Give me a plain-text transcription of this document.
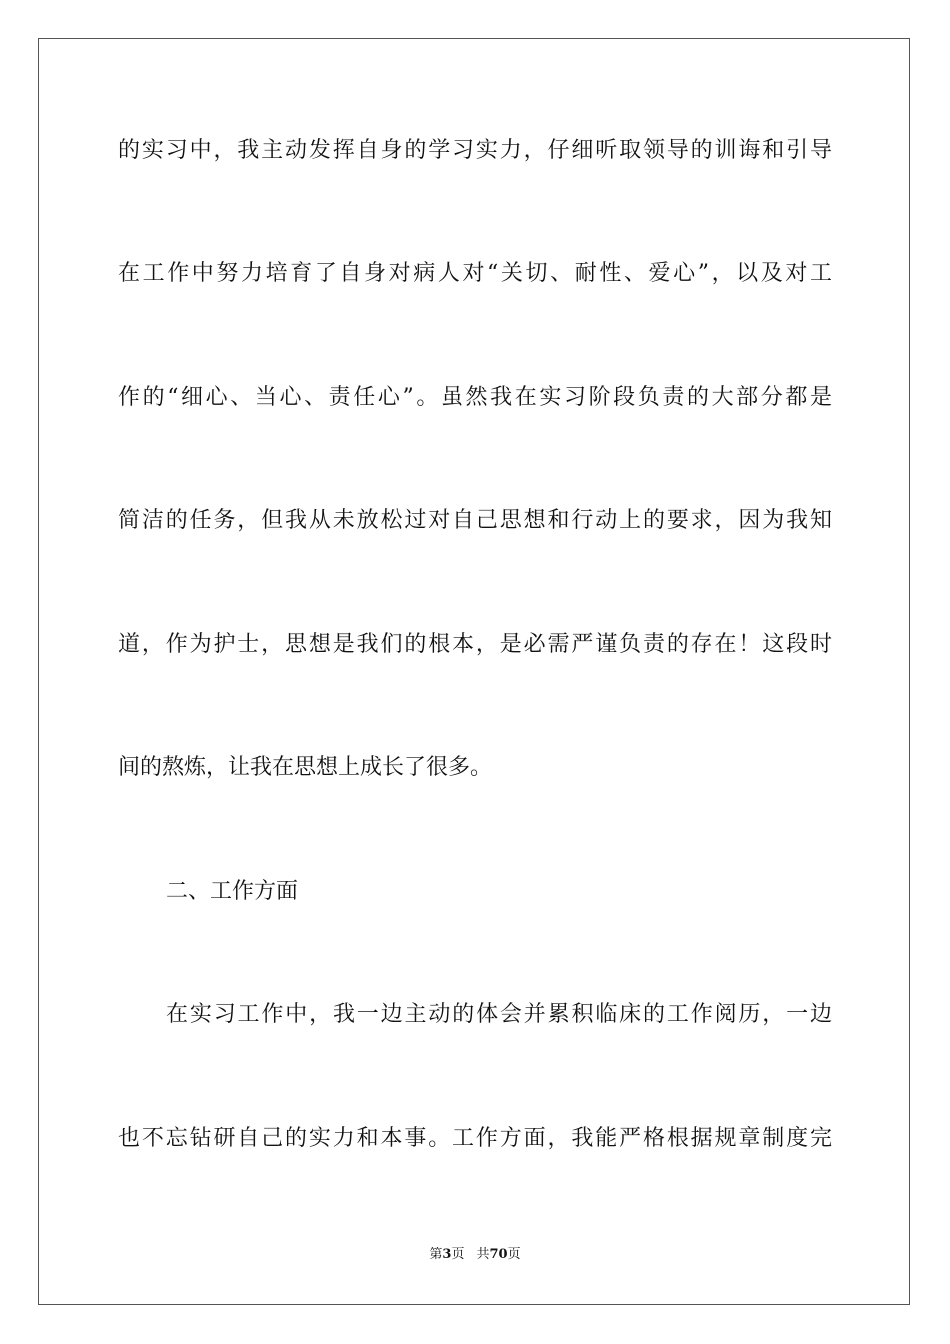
的实习中，我主动发挥自身的学习实力，仔细听取领导的训诲和引导
在工作中努力培育了自身对病人对“关切、耐性、爱心”，以及对工
作的“细心、当心、责任心”。虽然我在实习阶段负责的大部分都是
简洁的任务，但我从未放松过对自己思想和行动上的要求，因为我知
道，作为护士，思想是我们的根本，是必需严谨负责的存在！这段时
间的熬炼，让我在思想上成长了很多。
二、工作方面
在实习工作中，我一边主动的体会并累积临床的工作阅历，一边
也不忘钻研自己的实力和本事。工作方面，我能严格根据规章制度完
第3页 共70页
